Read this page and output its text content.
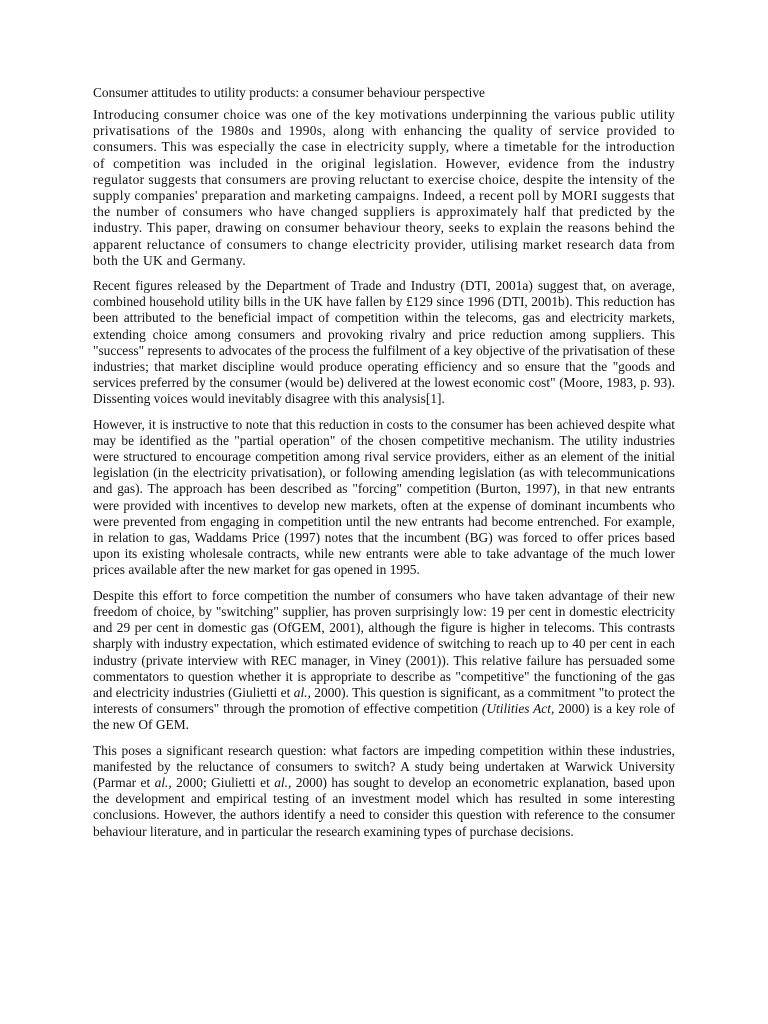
Consumer attitudes to utility products: a consumer behaviour perspective

Introducing consumer choice was one of the key motivations underpinning the various public utility privatisations of the 1980s and 1990s, along with enhancing the quality of service provided to consumers. This was especially the case in electricity supply, where a timetable for the introduction of competition was included in the original legislation. However, evidence from the industry regulator suggests that consumers are proving reluctant to exercise choice, despite the intensity of the supply companies' preparation and marketing campaigns. Indeed, a recent poll by MORI suggests that the number of consumers who have changed suppliers is approximately half that predicted by the industry. This paper, drawing on consumer behaviour theory, seeks to explain the reasons behind the apparent reluctance of consumers to change electricity provider, utilising market research data from both the UK and Germany.

Recent figures released by the Department of Trade and Industry (DTI, 2001a) suggest that, on average, combined household utility bills in the UK have fallen by £129 since 1996 (DTI, 2001b). This reduction has been attributed to the beneficial impact of competition within the telecoms, gas and electricity markets, extending choice among consumers and provoking rivalry and price reduction among suppliers. This "success" represents to advocates of the process the fulfilment of a key objective of the privatisation of these industries; that market discipline would produce operating efficiency and so ensure that the "goods and services preferred by the consumer (would be) delivered at the lowest economic cost" (Moore, 1983, p. 93). Dissenting voices would inevitably disagree with this analysis[1].

However, it is instructive to note that this reduction in costs to the consumer has been achieved despite what may be identified as the "partial operation" of the chosen competitive mechanism. The utility industries were structured to encourage competition among rival service providers, either as an element of the initial legislation (in the electricity privatisation), or following amending legislation (as with telecommunications and gas). The approach has been described as "forcing" competition (Burton, 1997), in that new entrants were provided with incentives to develop new markets, often at the expense of dominant incumbents who were prevented from engaging in competition until the new entrants had become entrenched. For example, in relation to gas, Waddams Price (1997) notes that the incumbent (BG) was forced to offer prices based upon its existing wholesale contracts, while new entrants were able to take advantage of the much lower prices available after the new market for gas opened in 1995.

Despite this effort to force competition the number of consumers who have taken advantage of their new freedom of choice, by "switching" supplier, has proven surprisingly low: 19 per cent in domestic electricity and 29 per cent in domestic gas (OfGEM, 2001), although the figure is higher in telecoms. This contrasts sharply with industry expectation, which estimated evidence of switching to reach up to 40 per cent in each industry (private interview with REC manager, in Viney (2001)). This relative failure has persuaded some commentators to question whether it is appropriate to describe as "competitive" the functioning of the gas and electricity industries (Giulietti et al., 2000). This question is significant, as a commitment "to protect the interests of consumers" through the promotion of effective competition (Utilities Act, 2000) is a key role of the new Of GEM.

This poses a significant research question: what factors are impeding competition within these industries, manifested by the reluctance of consumers to switch? A study being undertaken at Warwick University (Parmar et al., 2000; Giulietti et al., 2000) has sought to develop an econometric explanation, based upon the development and empirical testing of an investment model which has resulted in some interesting conclusions. However, the authors identify a need to consider this question with reference to the consumer behaviour literature, and in particular the research examining types of purchase decisions.
